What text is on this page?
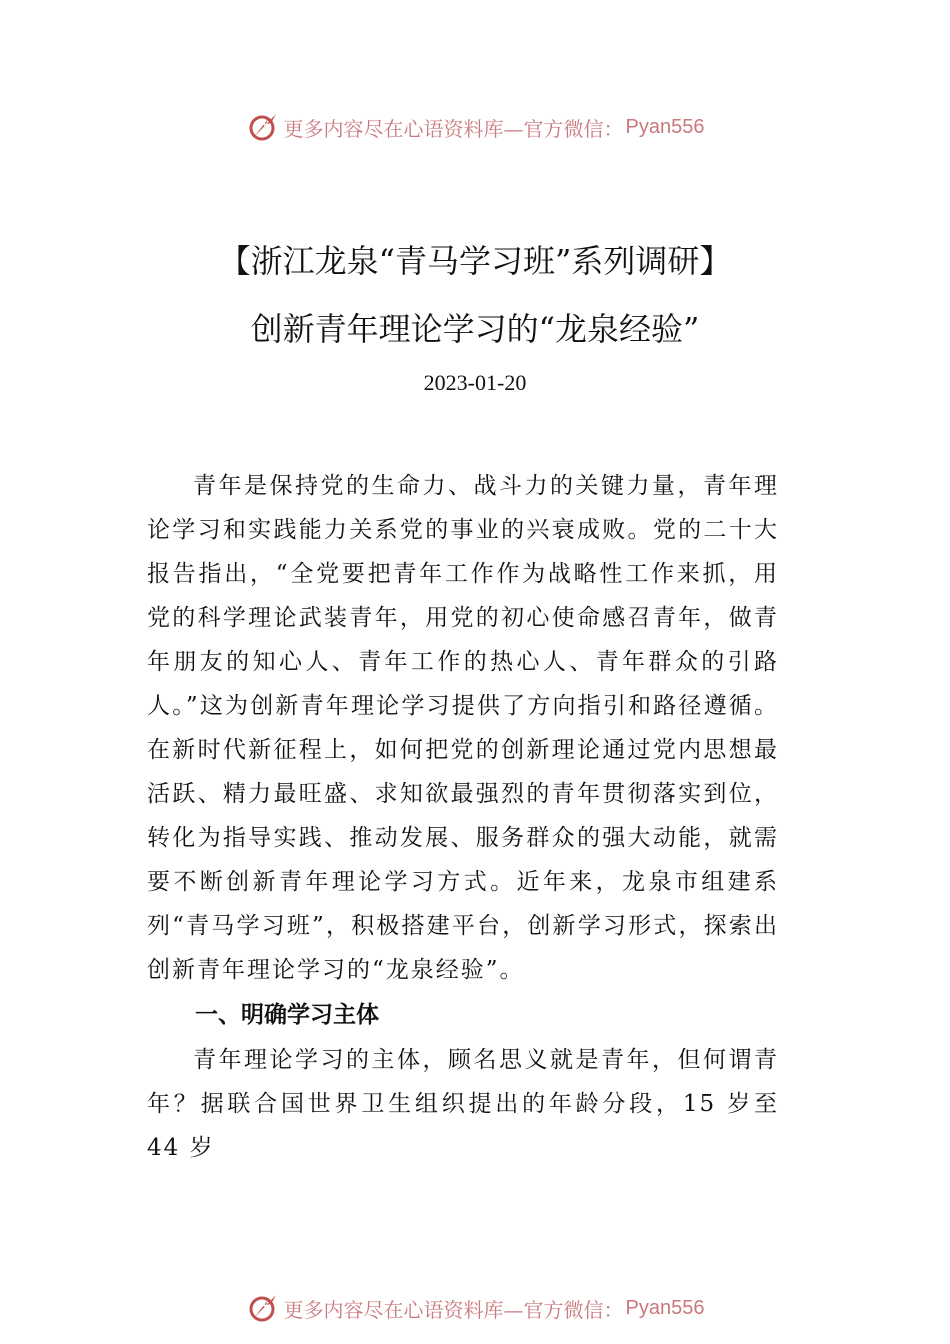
更多内容尽在心语资料库—官方微信： Pyan556
【浙江龙泉“青马学习班”系列调研】
创新青年理论学习的“龙泉经验”
2023-01-20

青年是保持党的生命力、战斗力的关键力量，青年理论学习和实践能力关系党的事业的兴衰成败。党的二十大报告指出，“全党要把青年工作作为战略性工作来抓，用党的科学理论武装青年，用党的初心使命感召青年，做青年朋友的知心人、青年工作的热心人、青年群众的引路人。”这为创新青年理论学习提供了方向指引和路径遵循。在新时代新征程上，如何把党的创新理论通过党内思想最活跃、精力最旺盛、求知欲最强烈的青年贯彻落实到位，转化为指导实践、推动发展、服务群众的强大动能，就需要不断创新青年理论学习方式。近年来，龙泉市组建系列“青马学习班”，积极搭建平台，创新学习形式，探索出创新青年理论学习的“龙泉经验”。

一、明确学习主体

青年理论学习的主体，顾名思义就是青年，但何谓青年？据联合国世界卫生组织提出的年龄分段，15 岁至 44 岁

更多内容尽在心语资料库—官方微信： Pyan556
